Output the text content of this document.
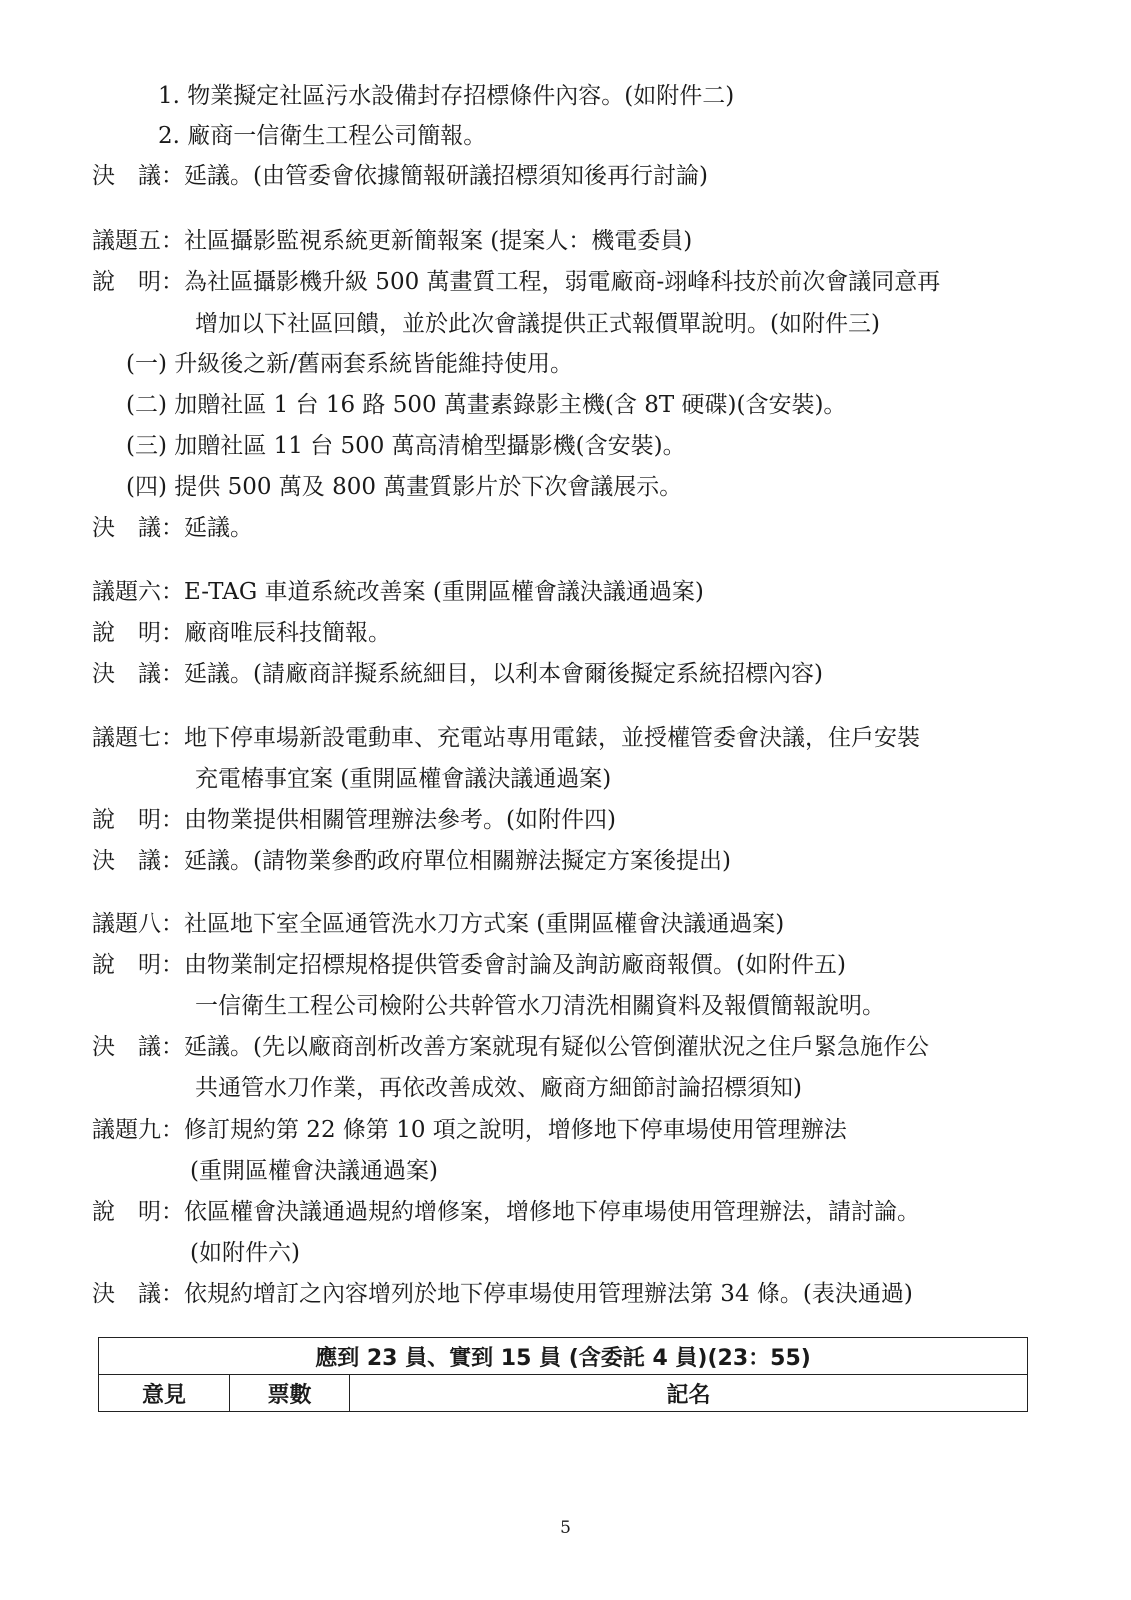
1. 物業擬定社區污水設備封存招標條件內容。(如附件二)
2. 廠商一信衛生工程公司簡報。
決　議：延議。(由管委會依據簡報研議招標須知後再行討論)
議題五：社區攝影監視系統更新簡報案 (提案人：機電委員)
說　明：為社區攝影機升級 500 萬畫質工程，弱電廠商-翊峰科技於前次會議同意再
增加以下社區回饋，並於此次會議提供正式報價單說明。(如附件三)
(一) 升級後之新/舊兩套系統皆能維持使用。
(二) 加贈社區 1 台 16 路 500 萬畫素錄影主機(含 8T 硬碟)(含安裝)。
(三) 加贈社區 11 台 500 萬高清槍型攝影機(含安裝)。
(四) 提供 500 萬及 800 萬畫質影片於下次會議展示。
決　議：延議。
議題六：E-TAG 車道系統改善案 (重開區權會議決議通過案)
說　明：廠商唯辰科技簡報。
決　議：延議。(請廠商詳擬系統細目，以利本會爾後擬定系統招標內容)
議題七：地下停車場新設電動車、充電站專用電錶，並授權管委會決議，住戶安裝
充電樁事宜案 (重開區權會議決議通過案)
說　明：由物業提供相關管理辦法參考。(如附件四)
決　議：延議。(請物業參酌政府單位相關辦法擬定方案後提出)
議題八：社區地下室全區通管洗水刀方式案 (重開區權會決議通過案)
說　明：由物業制定招標規格提供管委會討論及詢訪廠商報價。(如附件五)
一信衛生工程公司檢附公共幹管水刀清洗相關資料及報價簡報說明。
決　議：延議。(先以廠商剖析改善方案就現有疑似公管倒灌狀況之住戶緊急施作公
共通管水刀作業，再依改善成效、廠商方細節討論招標須知)
議題九：修訂規約第 22 條第 10 項之說明，增修地下停車場使用管理辦法
(重開區權會決議通過案)
說　明：依區權會決議通過規約增修案，增修地下停車場使用管理辦法，請討論。
(如附件六)
決　議：依規約增訂之內容增列於地下停車場使用管理辦法第 34 條。(表決通過)
應到 23 員、實到 15 員 (含委託 4 員)(23：55)
意見	票數	記名
5
